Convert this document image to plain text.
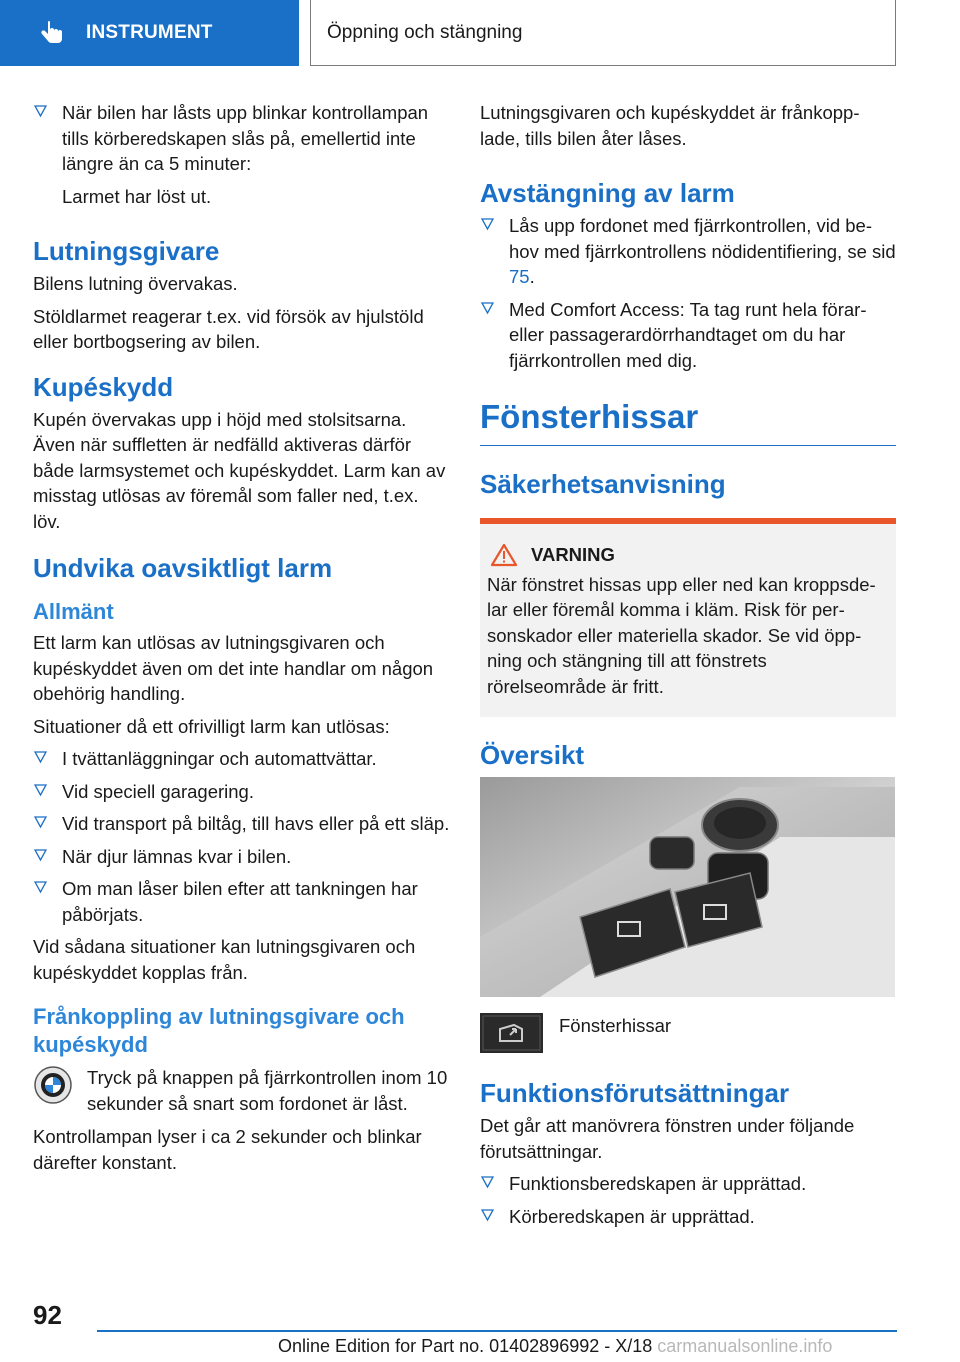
INSTRUMENT	Öppning och stängning
När bilen har låsts upp blinkar kontrollampan tills körberedskapen slås på, emellertid inte längre än ca 5 minuter:

Larmet har löst ut.

Lutningsgivare

Bilens lutning övervakas.

Stöldlarmet reagerar t.ex. vid försök av hjulstöld eller bortbogsering av bilen.

Kupéskydd

Kupén övervakas upp i höjd med stolsitsarna. Även när suffletten är nedfälld aktiveras därför både larmsystemet och kupéskyddet. Larm kan av misstag utlösas av föremål som faller ned, t.ex. löv.

Undvika oavsiktligt larm
Allmänt

Ett larm kan utlösas av lutningsgivaren och kupéskyddet även om det inte handlar om någon obehörig handling.

Situationer då ett ofrivilligt larm kan utlösas:

I tvättanläggningar och automattvättar.
Vid speciell garagering.
Vid transport på biltåg, till havs eller på ett släp.
När djur lämnas kvar i bilen.
Om man låser bilen efter att tankningen har påbörjats.

Vid sådana situationer kan lutningsgivaren och kupéskyddet kopplas från.

Frånkoppling av lutningsgivare och kupéskydd
Tryck på knappen på fjärrkontrollen inom 10 sekunder så snart som fordonet är låst.

Kontrollampan lyser i ca 2 sekunder och blinkar därefter konstant.

Lutningsgivaren och kupéskyddet är frånkopp-lade, tills bilen åter låses.

Avstängning av larm
Lås upp fordonet med fjärrkontrollen, vid be-hov med fjärrkontrollens nödidentifiering, se sid 75.
Med Comfort Access: Ta tag runt hela förar- eller passagerardörrhandtaget om du har fjärrkontrollen med dig.
Fönsterhissar
Säkerhetsanvisning
VARNING
När fönstret hissas upp eller ned kan kroppsde-lar eller föremål komma i kläm. Risk för per-sonskador eller materiella skador. Se vid öpp-ning och stängning till att fönstrets rörelseområde är fritt.
Översikt
Fönsterhissar
Funktionsförutsättningar

Det går att manövrera fönstren under följande förutsättningar.

Funktionsberedskapen är upprättad.
Körberedskapen är upprättad.
92
Online Edition for Part no. 01402896992 - X/18 carmanualsonline.info
